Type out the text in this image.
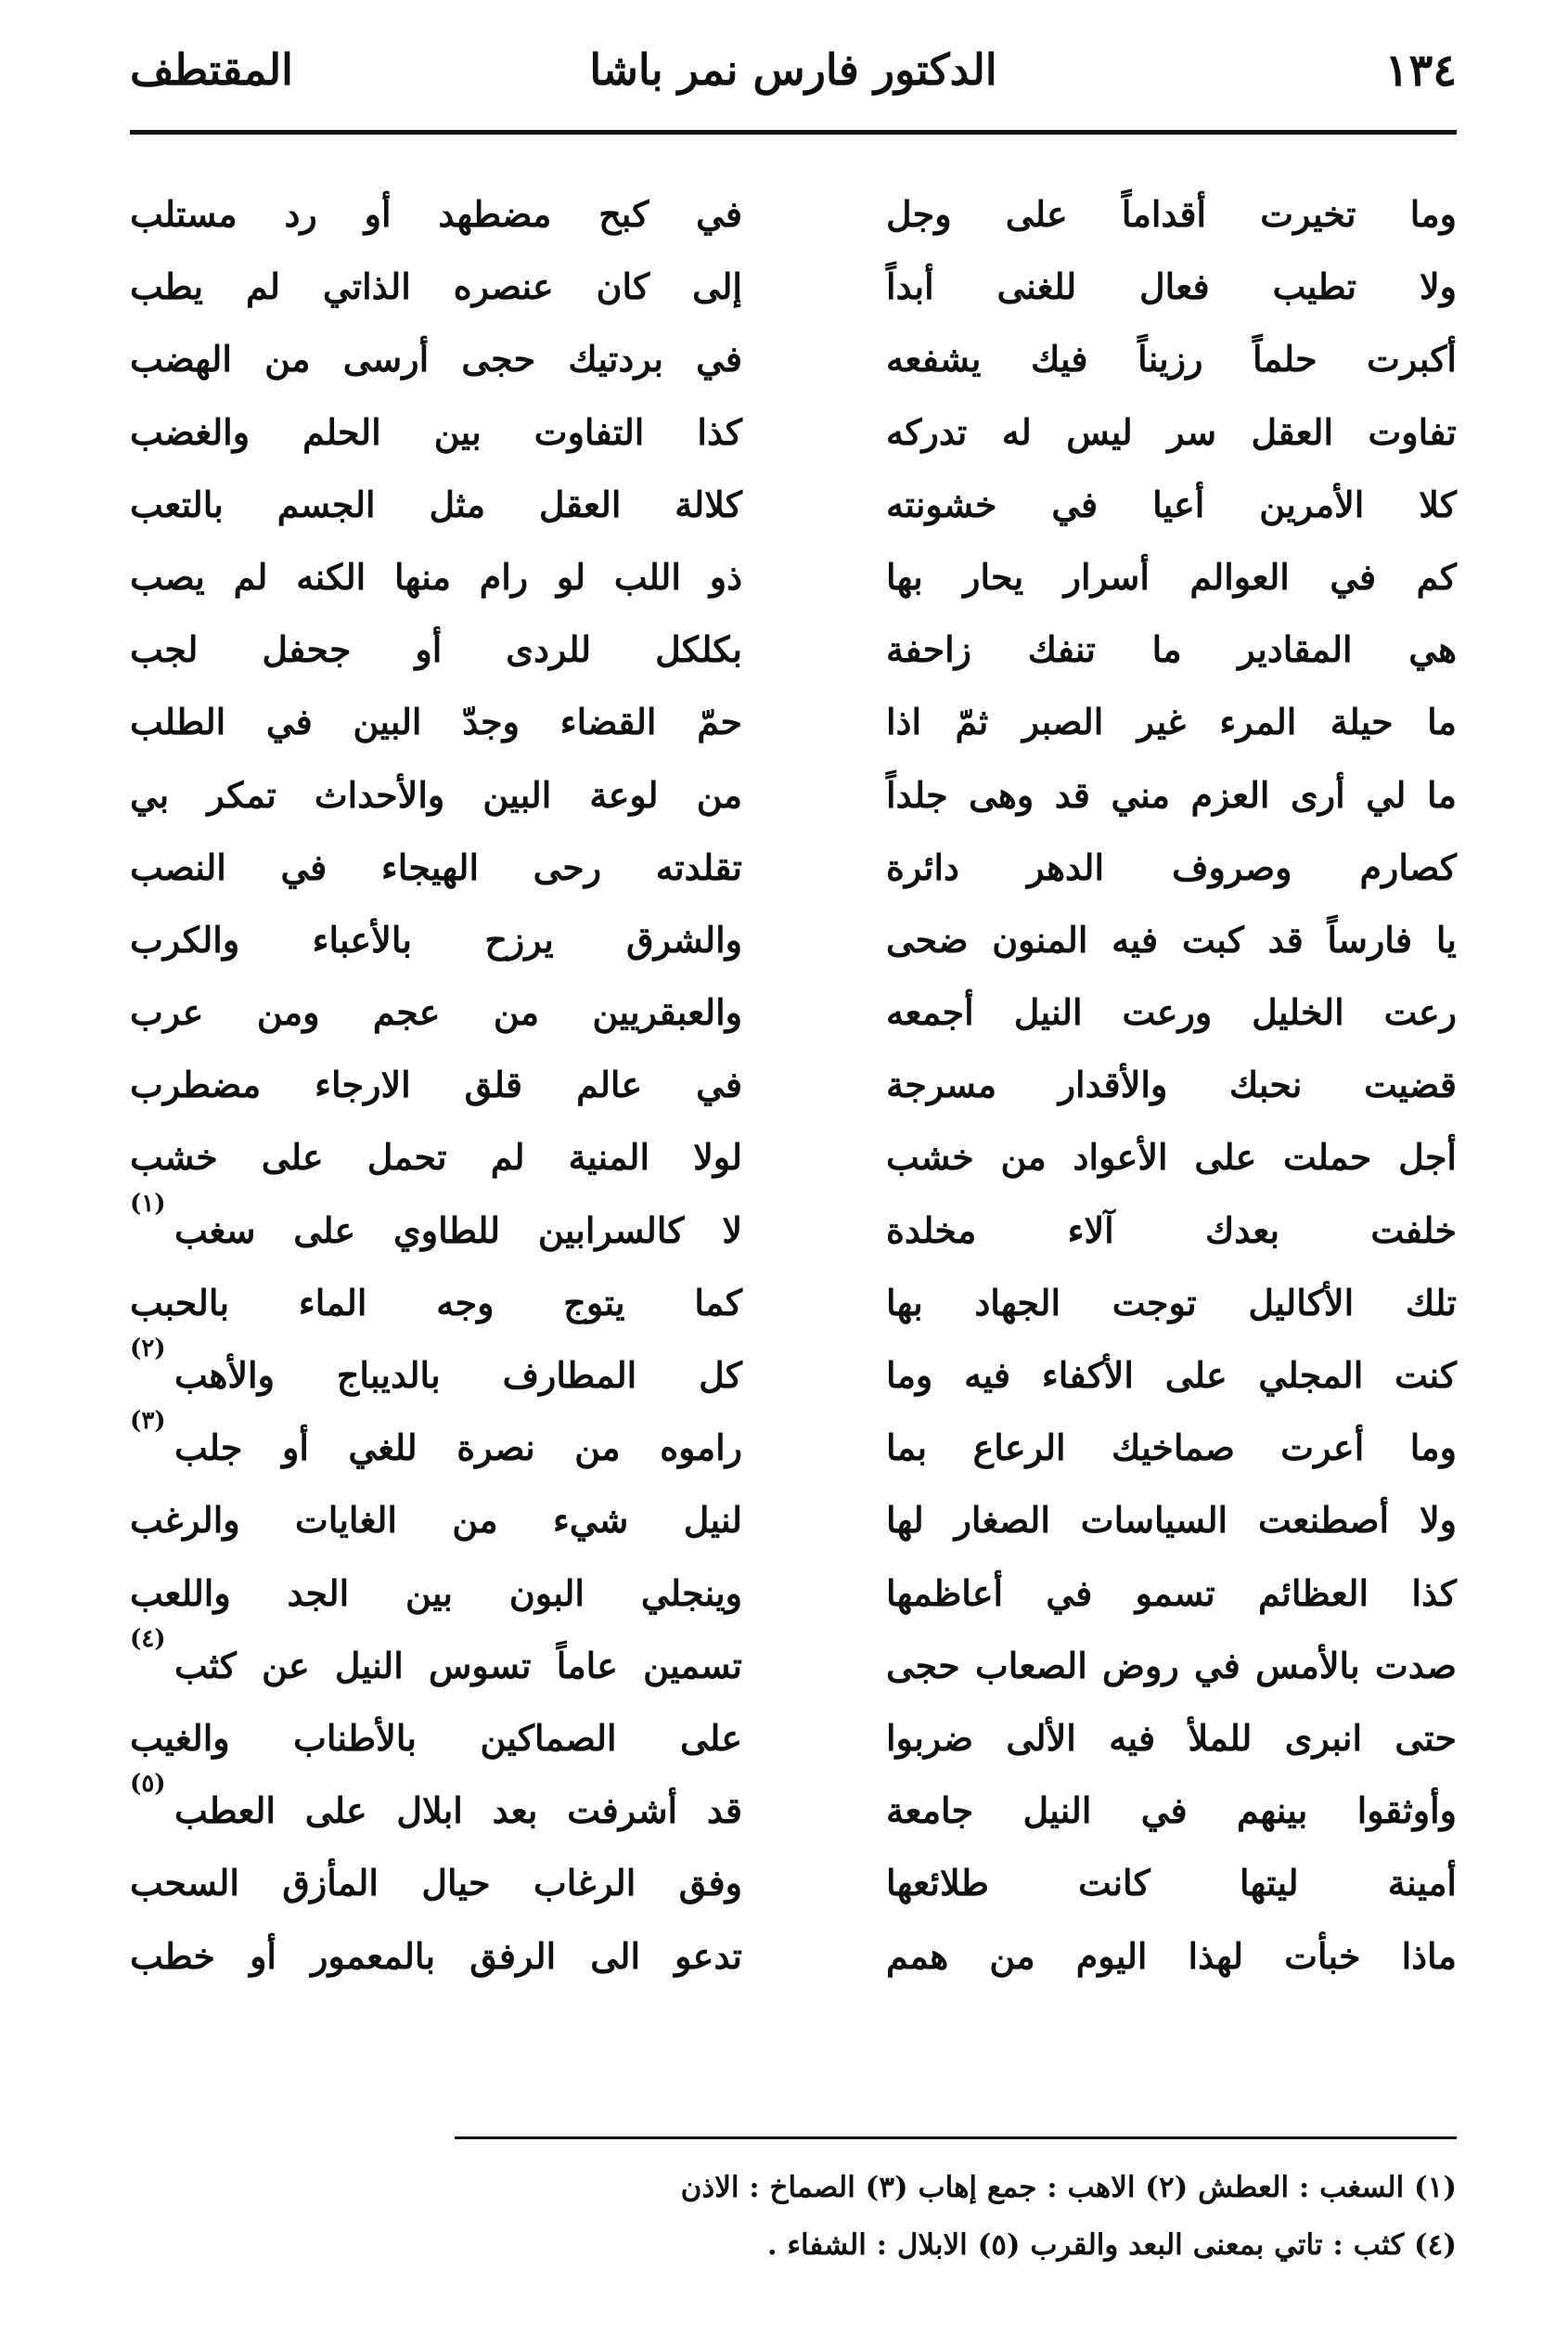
١٣٤
الدكتور فارس نمر باشا
المقتطف
وما تخيرت أقداماً على وجل
ولا تطيب فعال للغنى أبداً
أكبرت حلماً رزيناً فيك يشفعه
تفاوت العقل سر ليس له تدركه
كلا الأمرين أعيا في خشونته
كم في العوالم أسرار يحار بها
هي المقادير ما تنفك زاحفة
ما حيلة المرء غير الصبر ثمّ اذا
ما لي أرى العزم مني قد وهى جلداً
كصارم وصروف الدهر دائرة
يا فارساً قد كبت فيه المنون ضحى
رعت الخليل ورعت النيل أجمعه
قضيت نحبك والأقدار مسرجة
أجل حملت على الأعواد من خشب
خلفت بعدك آلاء مخلدة
تلك الأكاليل توجت الجهاد بها
كنت المجلي على الأكفاء فيه وما
وما أعرت صماخيك الرعاع بما
ولا أصطنعت السياسات الصغار لها
كذا العظائم تسمو في أعاظمها
صدت بالأمس في روض الصعاب حجى
حتى انبرى للملأ فيه الألى ضربوا
وأوثقوا بينهم في النيل جامعة
أمينة ليتها كانت طلائعها
ماذا خبأت لهذا اليوم من همم
في كبح مضطهد أو رد مستلب
إلى كان عنصره الذاتي لم يطب
في بردتيك حجى أرسى من الهضب
كذا التفاوت بين الحلم والغضب
كلالة العقل مثل الجسم بالتعب
ذو اللب لو رام منها الكنه لم يصب
بكلكل للردى أو جحفل لجب
حمّ القضاء وجدّ البين في الطلب
من لوعة البين والأحداث تمكر بي
تقلدته رحى الهيجاء في النصب
والشرق يرزح بالأعباء والكرب
والعبقريين من عجم ومن عرب
في عالم قلق الارجاء مضطرب
لولا المنية لم تحمل على خشب
لا كالسرابين للطاوي على سغب
(١)
كما يتوج وجه الماء بالحبب
كل المطارف بالديباج والأهب
(٢)
راموه من نصرة للغي أو جلب
(٣)
لنيل شيء من الغايات والرغب
وينجلي البون بين الجد واللعب
تسمين عاماً تسوس النيل عن كثب
(٤)
على الصماكين بالأطناب والغيب
قد أشرفت بعد ابلال على العطب
(٥)
وفق الرغاب حيال المأزق السحب
تدعو الى الرفق بالمعمور أو خطب
(١) السغب : العطش (٢) الاهب : جمع إهاب (٣) الصماخ : الاذن
(٤) كثب : تاتي بمعنى البعد والقرب (٥) الابلال : الشفاء .
